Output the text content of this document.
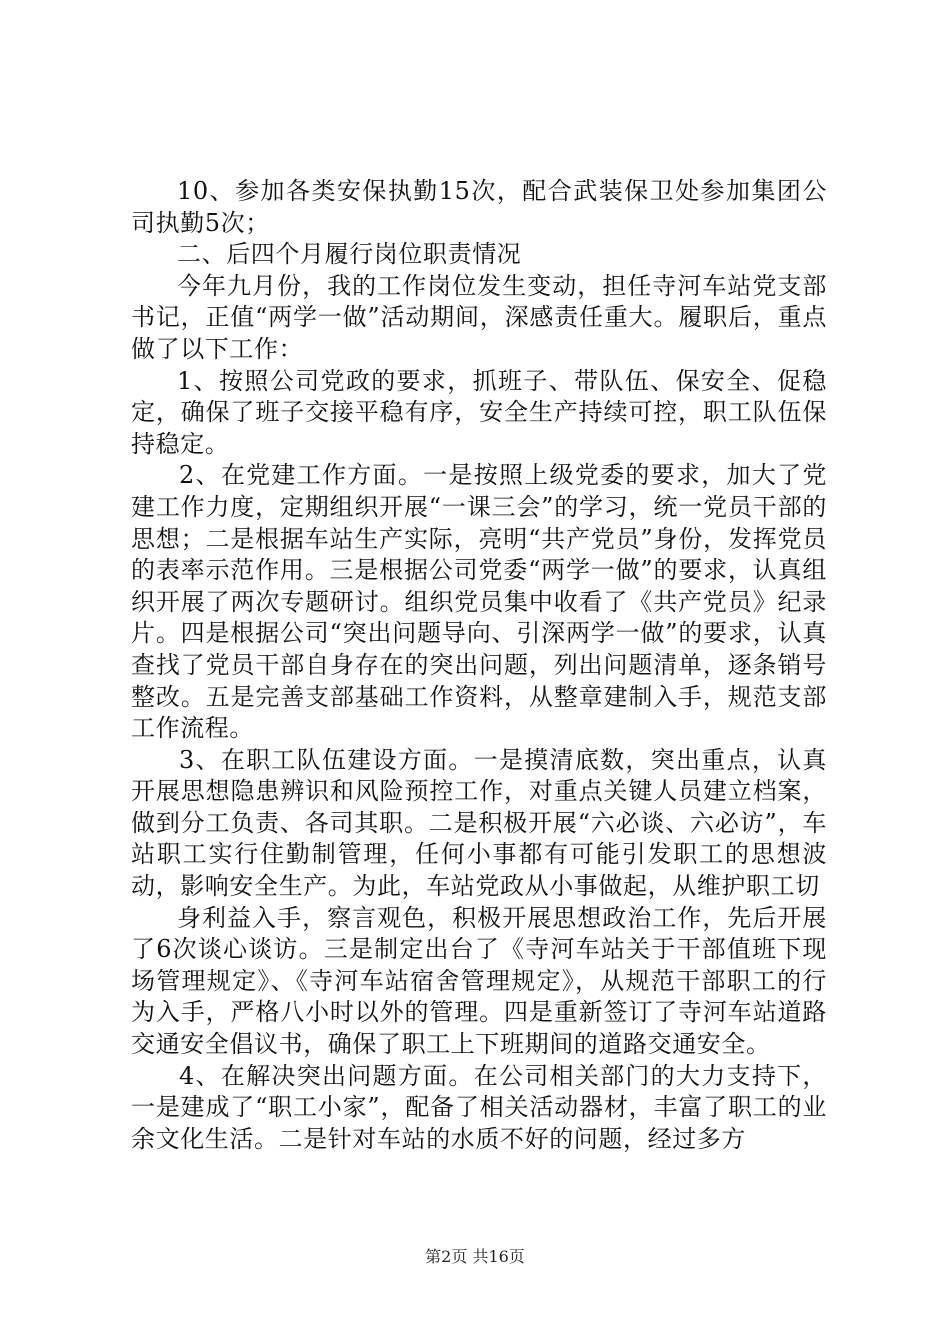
10、参加各类安保执勤15次，配合武装保卫处参加集团公司执勤5次；

二、后四个月履行岗位职责情况

今年九月份，我的工作岗位发生变动，担任寺河车站党支部书记，正值“两学一做”活动期间，深感责任重大。履职后，重点做了以下工作：

1、按照公司党政的要求，抓班子、带队伍、保安全、促稳定，确保了班子交接平稳有序，安全生产持续可控，职工队伍保持稳定。

2、在党建工作方面。一是按照上级党委的要求，加大了党建工作力度，定期组织开展“一课三会”的学习，统一党员干部的思想；二是根据车站生产实际，亮明“共产党员”身份，发挥党员的表率示范作用。三是根据公司党委“两学一做”的要求，认真组织开展了两次专题研讨。组织党员集中收看了《共产党员》纪录片。四是根据公司“突出问题导向、引深两学一做”的要求，认真查找了党员干部自身存在的突出问题，列出问题清单，逐条销号整改。五是完善支部基础工作资料，从整章建制入手，规范支部工作流程。

3、在职工队伍建设方面。一是摸清底数，突出重点，认真开展思想隐患辨识和风险预控工作，对重点关键人员建立档案，做到分工负责、各司其职。二是积极开展“六必谈、六必访”，车站职工实行住勤制管理，任何小事都有可能引发职工的思想波动，影响安全生产。为此，车站党政从小事做起，从维护职工切

身利益入手，察言观色，积极开展思想政治工作，先后开展了6次谈心谈访。三是制定出台了《寺河车站关于干部值班下现场管理规定》、《寺河车站宿舍管理规定》，从规范干部职工的行为入手，严格八小时以外的管理。四是重新签订了寺河车站道路交通安全倡议书，确保了职工上下班期间的道路交通安全。

4、在解决突出问题方面。在公司相关部门的大力支持下，一是建成了“职工小家”，配备了相关活动器材，丰富了职工的业余文化生活。二是针对车站的水质不好的问题，经过多方

第2页 共16页
